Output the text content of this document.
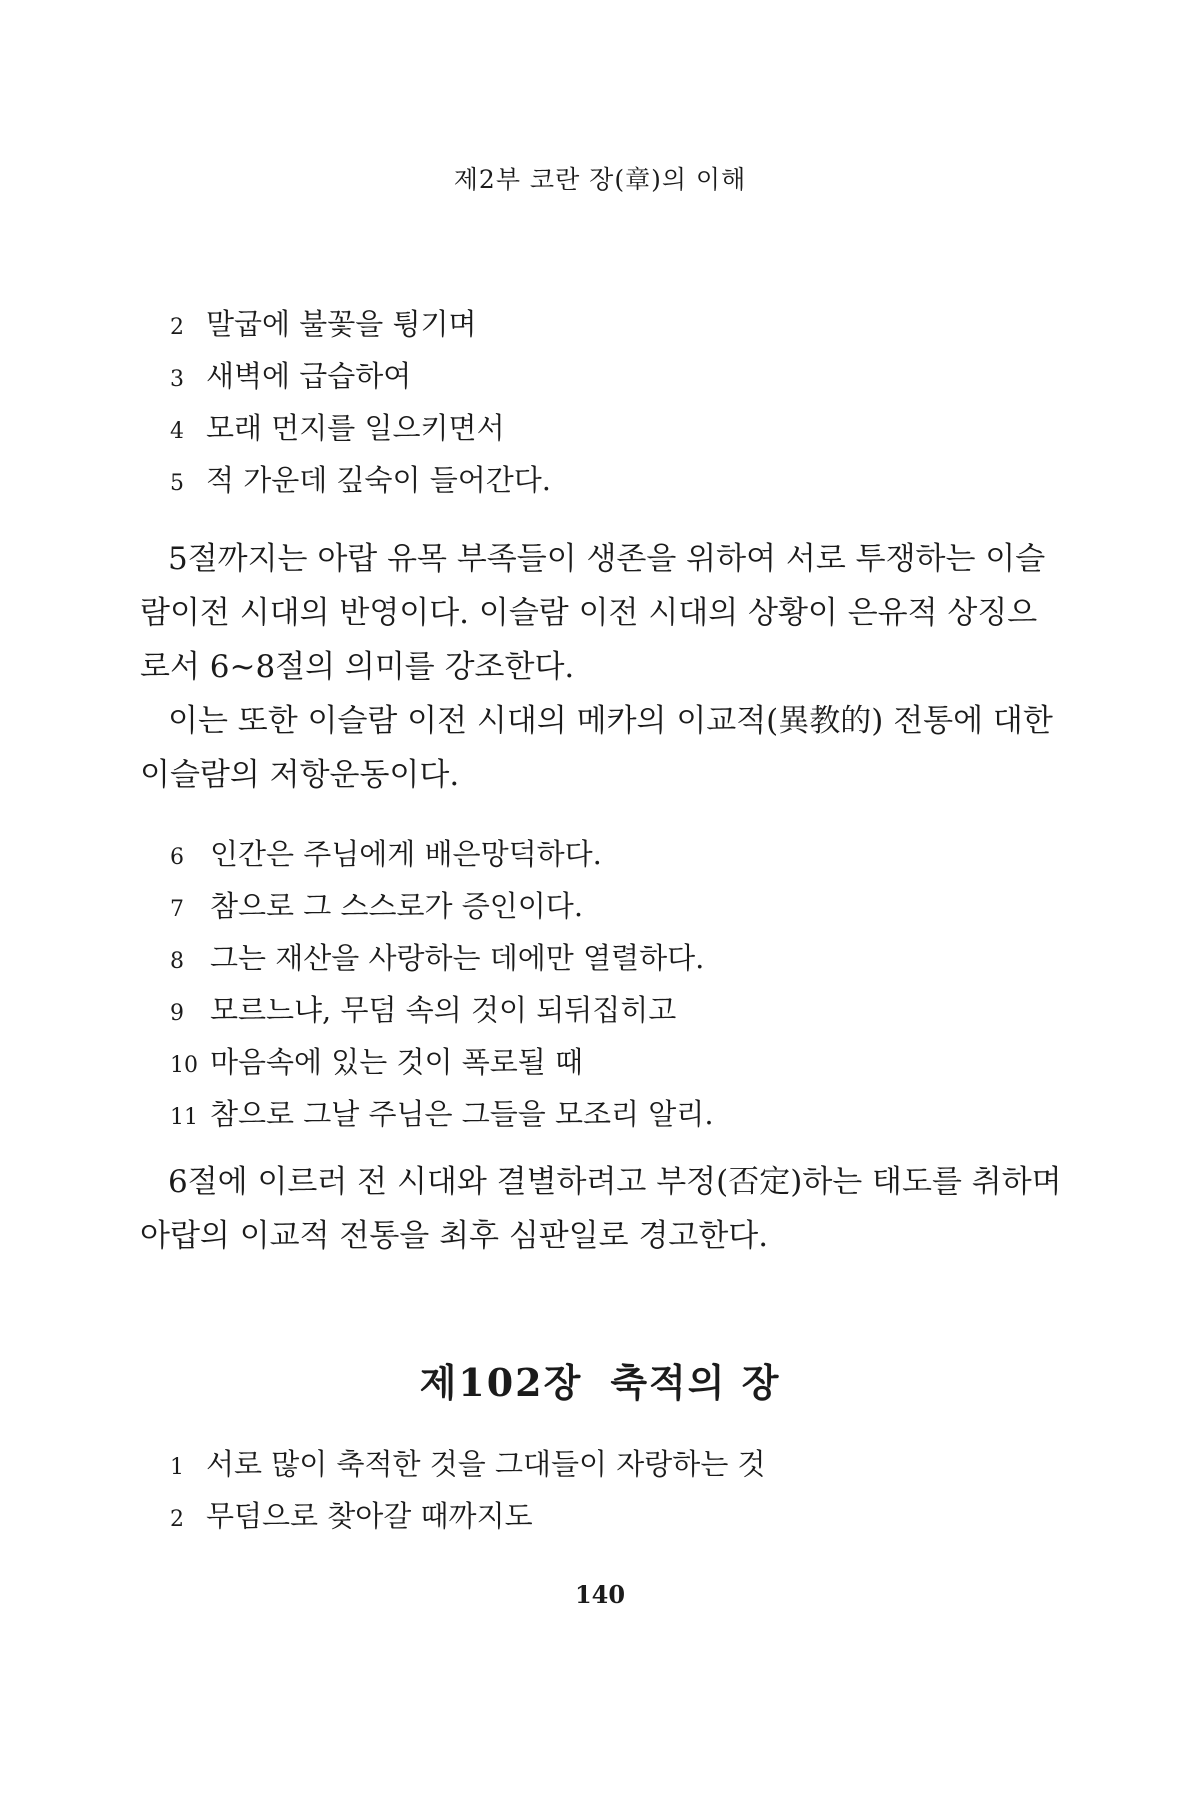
제2부 코란 장(章)의 이해
2 말굽에 불꽃을 튕기며
3 새벽에 급습하여
4 모래 먼지를 일으키면서
5 적 가운데 깊숙이 들어간다.

5절까지는 아랍 유목 부족들이 생존을 위하여 서로 투쟁하는 이슬
람이전 시대의 반영이다. 이슬람 이전 시대의 상황이 은유적 상징으
로서 6~8절의 의미를 강조한다.

이는 또한 이슬람 이전 시대의 메카의 이교적(異教的) 전통에 대한
이슬람의 저항운동이다.

6 인간은 주님에게 배은망덕하다.
7 참으로 그 스스로가 증인이다.
8 그는 재산을 사랑하는 데에만 열렬하다.
9 모르느냐, 무덤 속의 것이 되뒤집히고
10 마음속에 있는 것이 폭로될 때
11 참으로 그날 주님은 그들을 모조리 알리.

6절에 이르러 전 시대와 결별하려고 부정(否定)하는 태도를 취하며
아랍의 이교적 전통을 최후 심판일로 경고한다.

제102장 축적의 장
1 서로 많이 축적한 것을 그대들이 자랑하는 것
2 무덤으로 찾아갈 때까지도
140
